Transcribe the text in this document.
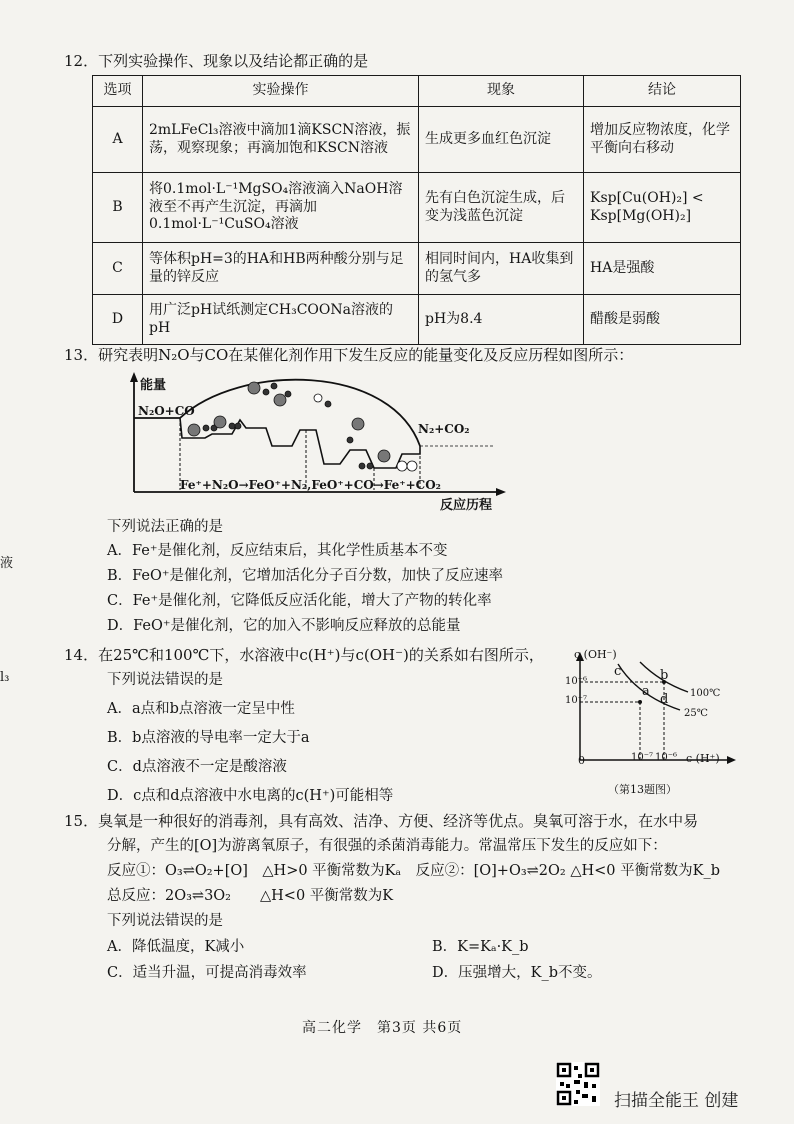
12．下列实验操作、现象以及结论都正确的是
选项	实验操作	现象	结论
A	2mLFeCl₃溶液中滴加1滴KSCN溶液，振荡，观察现象；再滴加饱和KSCN溶液	生成更多血红色沉淀	增加反应物浓度，化学平衡向右移动
B	将0.1mol·L⁻¹MgSO₄溶液滴入NaOH溶液至不再产生沉淀，再滴加0.1mol·L⁻¹CuSO₄溶液	先有白色沉淀生成，后变为浅蓝色沉淀	Ksp[Cu(OH)₂] < Ksp[Mg(OH)₂]
C	等体积pH=3的HA和HB两种酸分别与足量的锌反应	相同时间内，HA收集到的氢气多	HA是强酸
D	用广泛pH试纸测定CH₃COONa溶液的pH	pH为8.4	醋酸是弱酸
13．研究表明N₂O与CO在某催化剂作用下发生反应的能量变化及反应历程如图所示：
能量
N₂O+CO
N₂+CO₂
Fe⁺+N₂O→FeO⁺+N₂,FeO⁺+CO→Fe⁺+CO₂
反应历程
下列说法正确的是
A．Fe⁺是催化剂，反应结束后，其化学性质基本不变
B．FeO⁺是催化剂，它增加活化分子百分数，加快了反应速率
C．Fe⁺是催化剂，它降低反应活化能，增大了产物的转化率
D．FeO⁺是催化剂，它的加入不影响反应释放的总能量
14．在25℃和100℃下，水溶液中c(H⁺)与c(OH⁻)的关系如右图所示，
下列说法错误的是
A．a点和b点溶液一定呈中性
B．b点溶液的导电率一定大于a
C．d点溶液不一定是酸溶液
D．c点和d点溶液中水电离的c(H⁺)可能相等
c (OH⁻)
10⁻⁶
10⁻⁷
10⁻⁷ 10⁻⁶
0	c (H⁺)
100℃
25℃
c	b
a
d
（第13题图）
15．臭氧是一种很好的消毒剂，具有高效、洁净、方便、经济等优点。臭氧可溶于水，在水中易
分解，产生的[O]为游离氧原子，有很强的杀菌消毒能力。常温常压下发生的反应如下：
反应①：O₃⇌O₂+[O]　△H>0 平衡常数为Kₐ　反应②：[O]+O₃⇌2O₂ △H<0 平衡常数为K_b
总反应：2O₃⇌3O₂　　△H<0 平衡常数为K
下列说法错误的是
A．降低温度，K减小	B．K=Kₐ·K_b
C．适当升温，可提高消毒效率	D．压强增大，K_b不变。
液
l₃
高二化学　第3页 共6页
扫描全能王 创建
